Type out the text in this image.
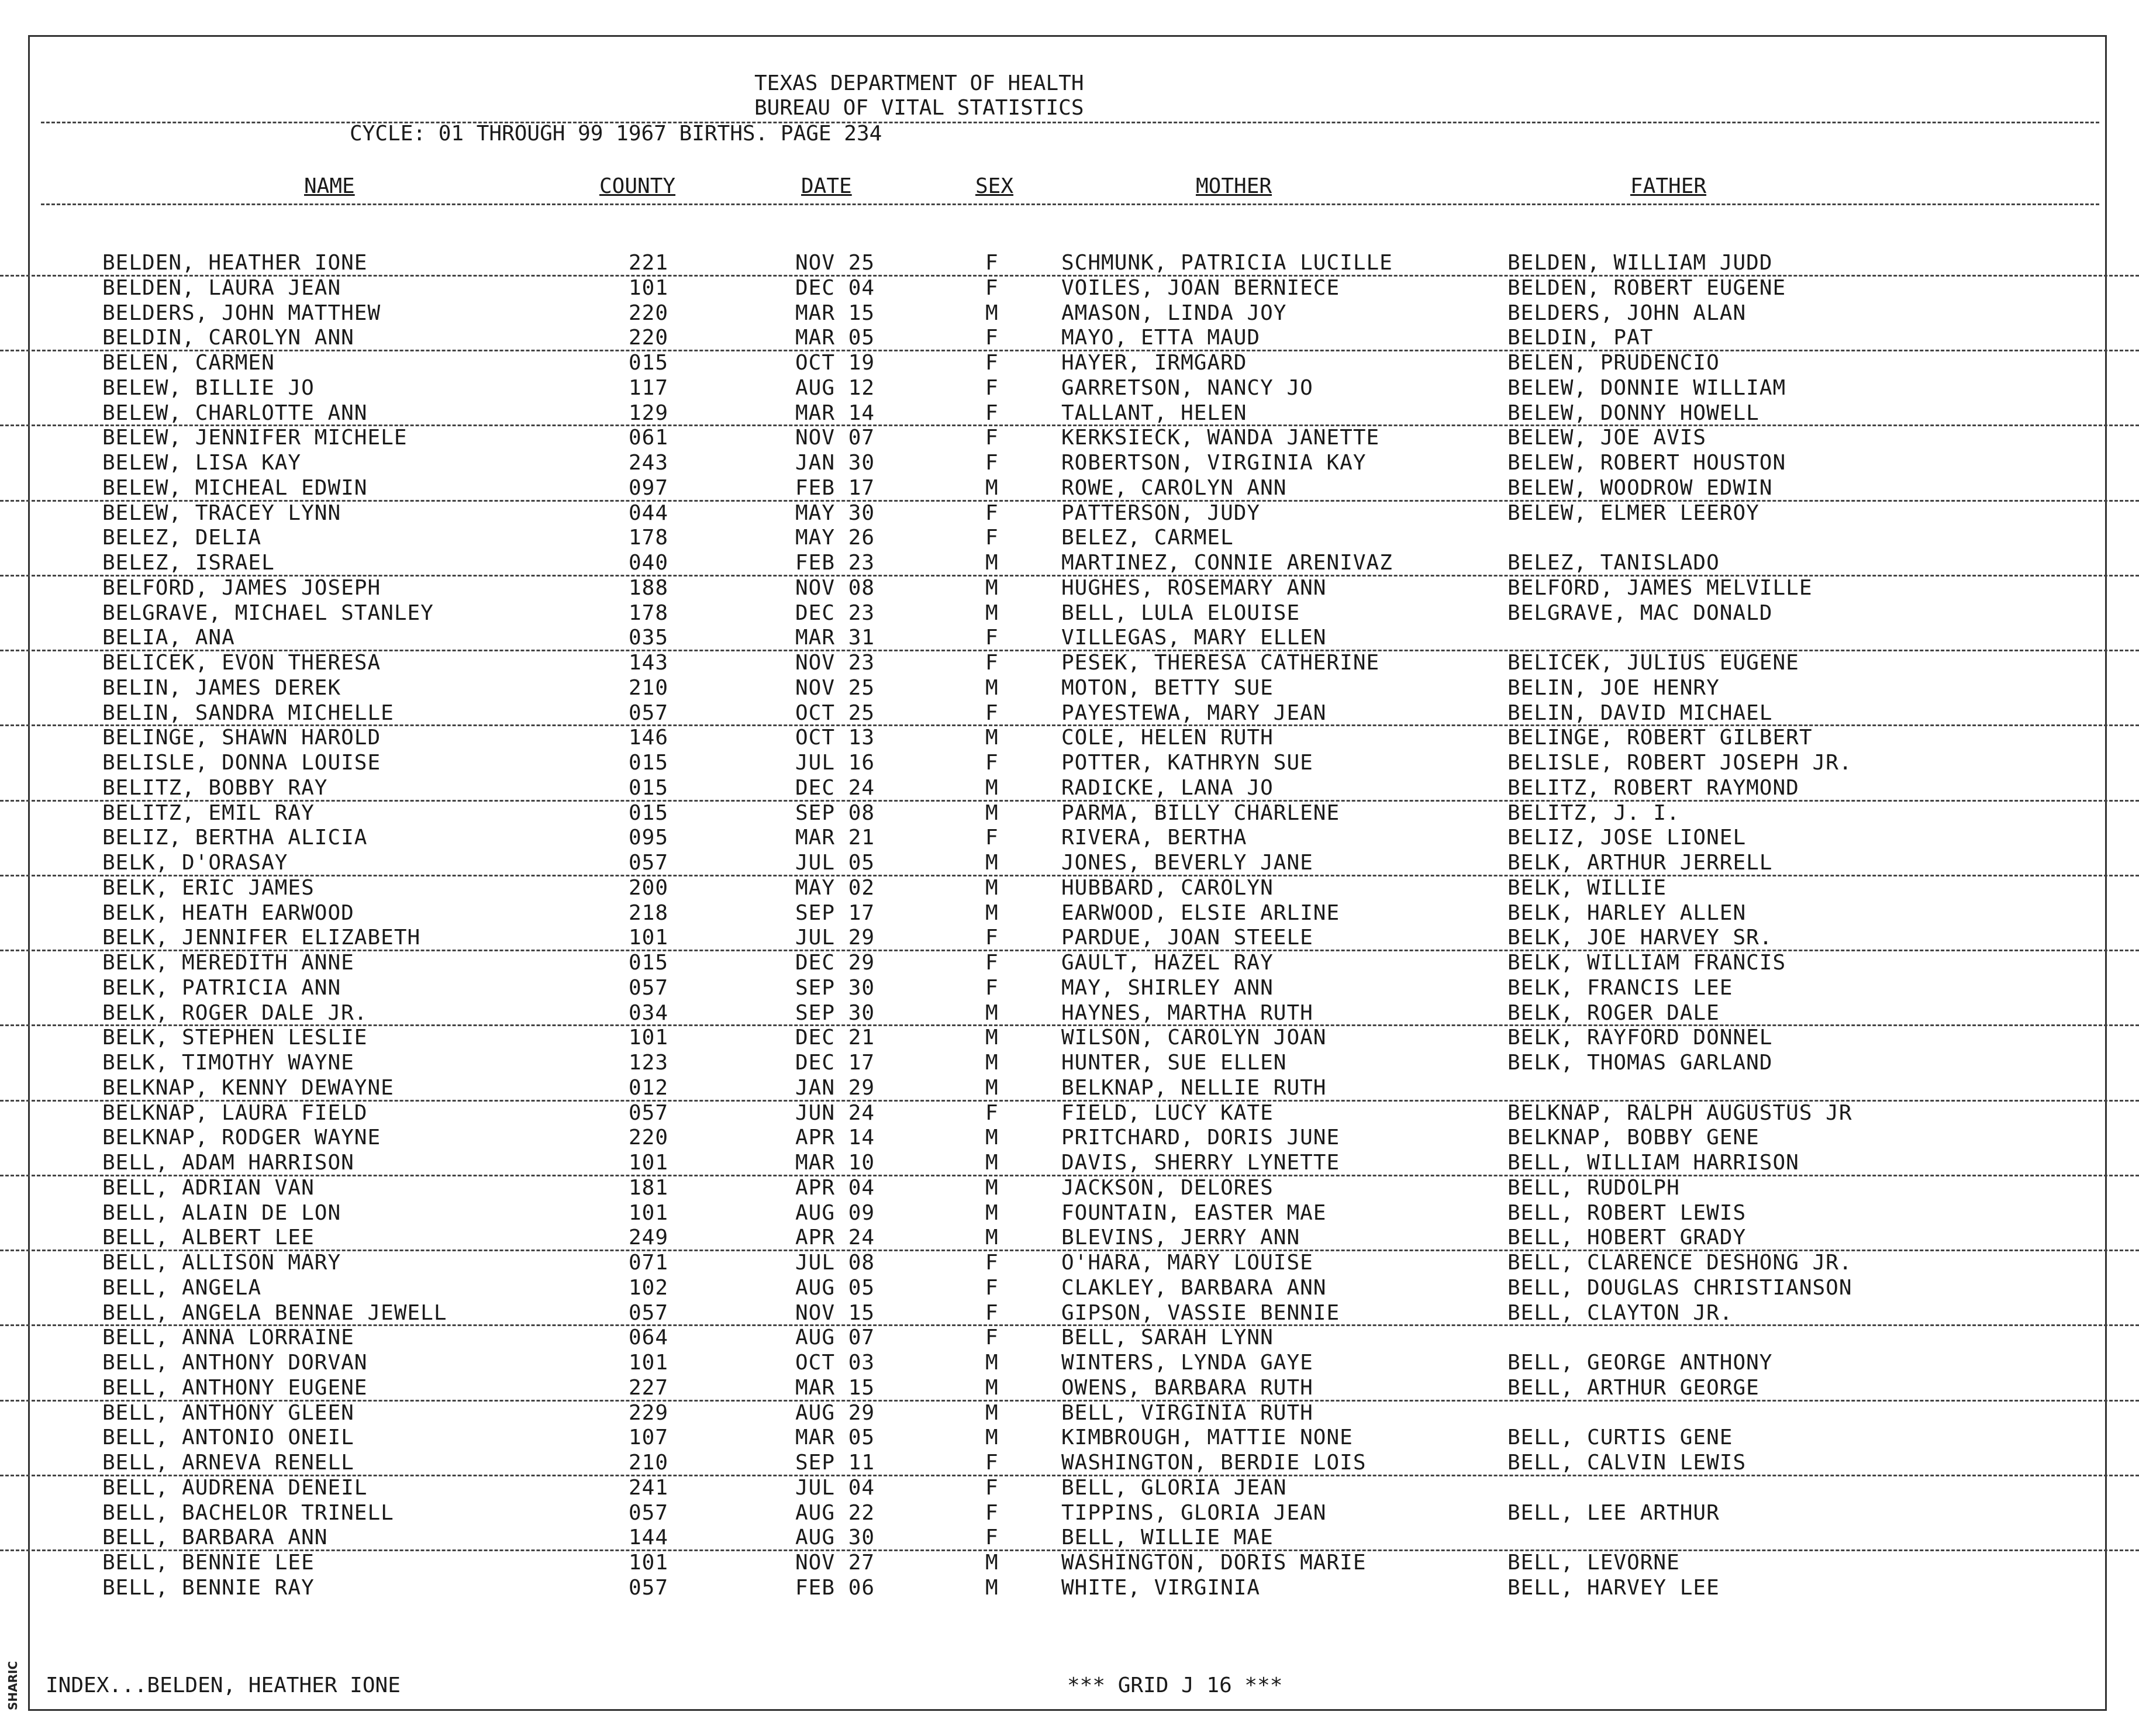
SHARIC
TEXAS DEPARTMENT OF HEALTH
BUREAU OF VITAL STATISTICS
CYCLE: 01 THROUGH 99 1967 BIRTHS. PAGE 234
NAME	COUNTY	DATE	SEX	MOTHER	FATHER
BELDEN, HEATHER IONE	221	NOV 25	F	SCHMUNK, PATRICIA LUCILLE	BELDEN, WILLIAM JUDD
BELDEN, LAURA JEAN	101	DEC 04	F	VOILES, JOAN BERNIECE	BELDEN, ROBERT EUGENE
BELDERS, JOHN MATTHEW	220	MAR 15	M	AMASON, LINDA JOY	BELDERS, JOHN ALAN
BELDIN, CAROLYN ANN	220	MAR 05	F	MAYO, ETTA MAUD	BELDIN, PAT
BELEN, CARMEN	015	OCT 19	F	HAYER, IRMGARD	BELEN, PRUDENCIO
BELEW, BILLIE JO	117	AUG 12	F	GARRETSON, NANCY JO	BELEW, DONNIE WILLIAM
BELEW, CHARLOTTE ANN	129	MAR 14	F	TALLANT, HELEN	BELEW, DONNY HOWELL
BELEW, JENNIFER MICHELE	061	NOV 07	F	KERKSIECK, WANDA JANETTE	BELEW, JOE AVIS
BELEW, LISA KAY	243	JAN 30	F	ROBERTSON, VIRGINIA KAY	BELEW, ROBERT HOUSTON
BELEW, MICHEAL EDWIN	097	FEB 17	M	ROWE, CAROLYN ANN	BELEW, WOODROW EDWIN
BELEW, TRACEY LYNN	044	MAY 30	F	PATTERSON, JUDY	BELEW, ELMER LEEROY
BELEZ, DELIA	178	MAY 26	F	BELEZ, CARMEL
BELEZ, ISRAEL	040	FEB 23	M	MARTINEZ, CONNIE ARENIVAZ	BELEZ, TANISLADO
BELFORD, JAMES JOSEPH	188	NOV 08	M	HUGHES, ROSEMARY ANN	BELFORD, JAMES MELVILLE
BELGRAVE, MICHAEL STANLEY	178	DEC 23	M	BELL, LULA ELOUISE	BELGRAVE, MAC DONALD
BELIA, ANA	035	MAR 31	F	VILLEGAS, MARY ELLEN
BELICEK, EVON THERESA	143	NOV 23	F	PESEK, THERESA CATHERINE	BELICEK, JULIUS EUGENE
BELIN, JAMES DEREK	210	NOV 25	M	MOTON, BETTY SUE	BELIN, JOE HENRY
BELIN, SANDRA MICHELLE	057	OCT 25	F	PAYESTEWA, MARY JEAN	BELIN, DAVID MICHAEL
BELINGE, SHAWN HAROLD	146	OCT 13	M	COLE, HELEN RUTH	BELINGE, ROBERT GILBERT
BELISLE, DONNA LOUISE	015	JUL 16	F	POTTER, KATHRYN SUE	BELISLE, ROBERT JOSEPH JR.
BELITZ, BOBBY RAY	015	DEC 24	M	RADICKE, LANA JO	BELITZ, ROBERT RAYMOND
BELITZ, EMIL RAY	015	SEP 08	M	PARMA, BILLY CHARLENE	BELITZ, J. I.
BELIZ, BERTHA ALICIA	095	MAR 21	F	RIVERA, BERTHA	BELIZ, JOSE LIONEL
BELK, D'ORASAY	057	JUL 05	M	JONES, BEVERLY JANE	BELK, ARTHUR JERRELL
BELK, ERIC JAMES	200	MAY 02	M	HUBBARD, CAROLYN	BELK, WILLIE
BELK, HEATH EARWOOD	218	SEP 17	M	EARWOOD, ELSIE ARLINE	BELK, HARLEY ALLEN
BELK, JENNIFER ELIZABETH	101	JUL 29	F	PARDUE, JOAN STEELE	BELK, JOE HARVEY SR.
BELK, MEREDITH ANNE	015	DEC 29	F	GAULT, HAZEL RAY	BELK, WILLIAM FRANCIS
BELK, PATRICIA ANN	057	SEP 30	F	MAY, SHIRLEY ANN	BELK, FRANCIS LEE
BELK, ROGER DALE JR.	034	SEP 30	M	HAYNES, MARTHA RUTH	BELK, ROGER DALE
BELK, STEPHEN LESLIE	101	DEC 21	M	WILSON, CAROLYN JOAN	BELK, RAYFORD DONNEL
BELK, TIMOTHY WAYNE	123	DEC 17	M	HUNTER, SUE ELLEN	BELK, THOMAS GARLAND
BELKNAP, KENNY DEWAYNE	012	JAN 29	M	BELKNAP, NELLIE RUTH
BELKNAP, LAURA FIELD	057	JUN 24	F	FIELD, LUCY KATE	BELKNAP, RALPH AUGUSTUS JR
BELKNAP, RODGER WAYNE	220	APR 14	M	PRITCHARD, DORIS JUNE	BELKNAP, BOBBY GENE
BELL, ADAM HARRISON	101	MAR 10	M	DAVIS, SHERRY LYNETTE	BELL, WILLIAM HARRISON
BELL, ADRIAN VAN	181	APR 04	M	JACKSON, DELORES	BELL, RUDOLPH
BELL, ALAIN DE LON	101	AUG 09	M	FOUNTAIN, EASTER MAE	BELL, ROBERT LEWIS
BELL, ALBERT LEE	249	APR 24	M	BLEVINS, JERRY ANN	BELL, HOBERT GRADY
BELL, ALLISON MARY	071	JUL 08	F	O'HARA, MARY LOUISE	BELL, CLARENCE DESHONG JR.
BELL, ANGELA	102	AUG 05	F	CLAKLEY, BARBARA ANN	BELL, DOUGLAS CHRISTIANSON
BELL, ANGELA BENNAE JEWELL	057	NOV 15	F	GIPSON, VASSIE BENNIE	BELL, CLAYTON JR.
BELL, ANNA LORRAINE	064	AUG 07	F	BELL, SARAH LYNN
BELL, ANTHONY DORVAN	101	OCT 03	M	WINTERS, LYNDA GAYE	BELL, GEORGE ANTHONY
BELL, ANTHONY EUGENE	227	MAR 15	M	OWENS, BARBARA RUTH	BELL, ARTHUR GEORGE
BELL, ANTHONY GLEEN	229	AUG 29	M	BELL, VIRGINIA RUTH
BELL, ANTONIO ONEIL	107	MAR 05	M	KIMBROUGH, MATTIE NONE	BELL, CURTIS GENE
BELL, ARNEVA RENELL	210	SEP 11	F	WASHINGTON, BERDIE LOIS	BELL, CALVIN LEWIS
BELL, AUDRENA DENEIL	241	JUL 04	F	BELL, GLORIA JEAN
BELL, BACHELOR TRINELL	057	AUG 22	F	TIPPINS, GLORIA JEAN	BELL, LEE ARTHUR
BELL, BARBARA ANN	144	AUG 30	F	BELL, WILLIE MAE
BELL, BENNIE LEE	101	NOV 27	M	WASHINGTON, DORIS MARIE	BELL, LEVORNE
BELL, BENNIE RAY	057	FEB 06	M	WHITE, VIRGINIA	BELL, HARVEY LEE
INDEX...BELDEN, HEATHER IONE	*** GRID J 16 ***
